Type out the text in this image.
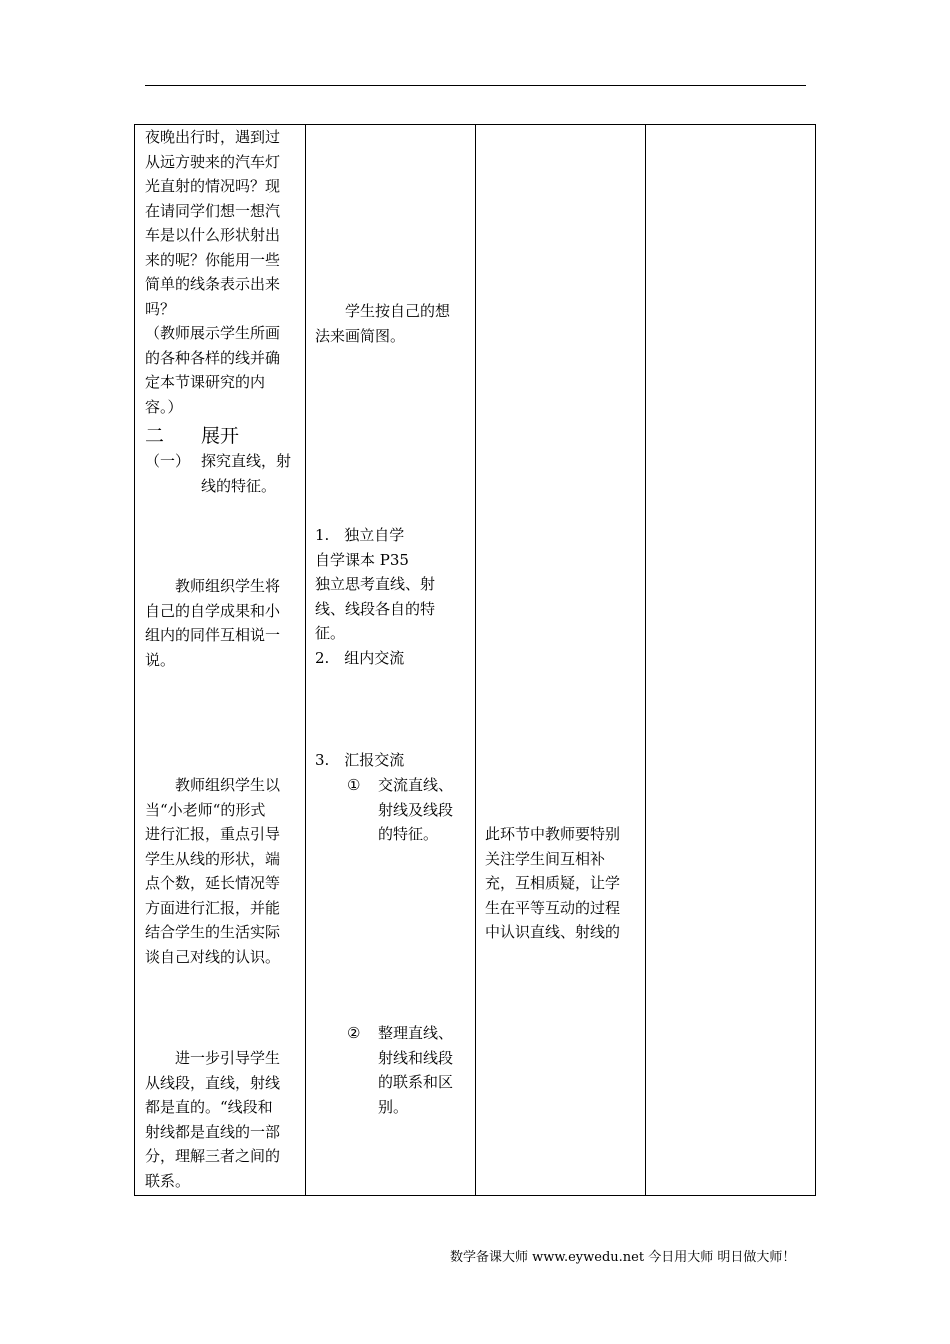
夜晚出行时，遇到过
从远方驶来的汽车灯
光直射的情况吗？现
在请同学们想一想汽
车是以什么形状射出
来的呢？你能用一些
简单的线条表示出来
吗？
（教师展示学生所画
的各种各样的线并确
定本节课研究的内
容。）
二 展开
（一） 探究直线，射
线的特征。
　　教师组织学生将
自己的自学成果和小
组内的同伴互相说一
说。
　　教师组织学生以
当“小老师“的形式
进行汇报，重点引导
学生从线的形状，端
点个数，延长情况等
方面进行汇报，并能
结合学生的生活实际
谈自己对线的认识。
　　进一步引导学生
从线段，直线，射线
都是直的。“线段和
射线都是直线的一部
分，理解三者之间的
联系。
　　学生按自己的想
法来画简图。
1.　独立自学
自学课本 P35
独立思考直线、射
线、线段各自的特
征。
2.　组内交流
3.　汇报交流
① 交流直线、
射线及线段
的特征。
② 整理直线、
射线和线段
的联系和区
别。
此环节中教师要特别
关注学生间互相补
充，互相质疑，让学
生在平等互动的过程
中认识直线、射线的
数学备课大师 www.eywedu.net 今日用大师 明日做大师！
